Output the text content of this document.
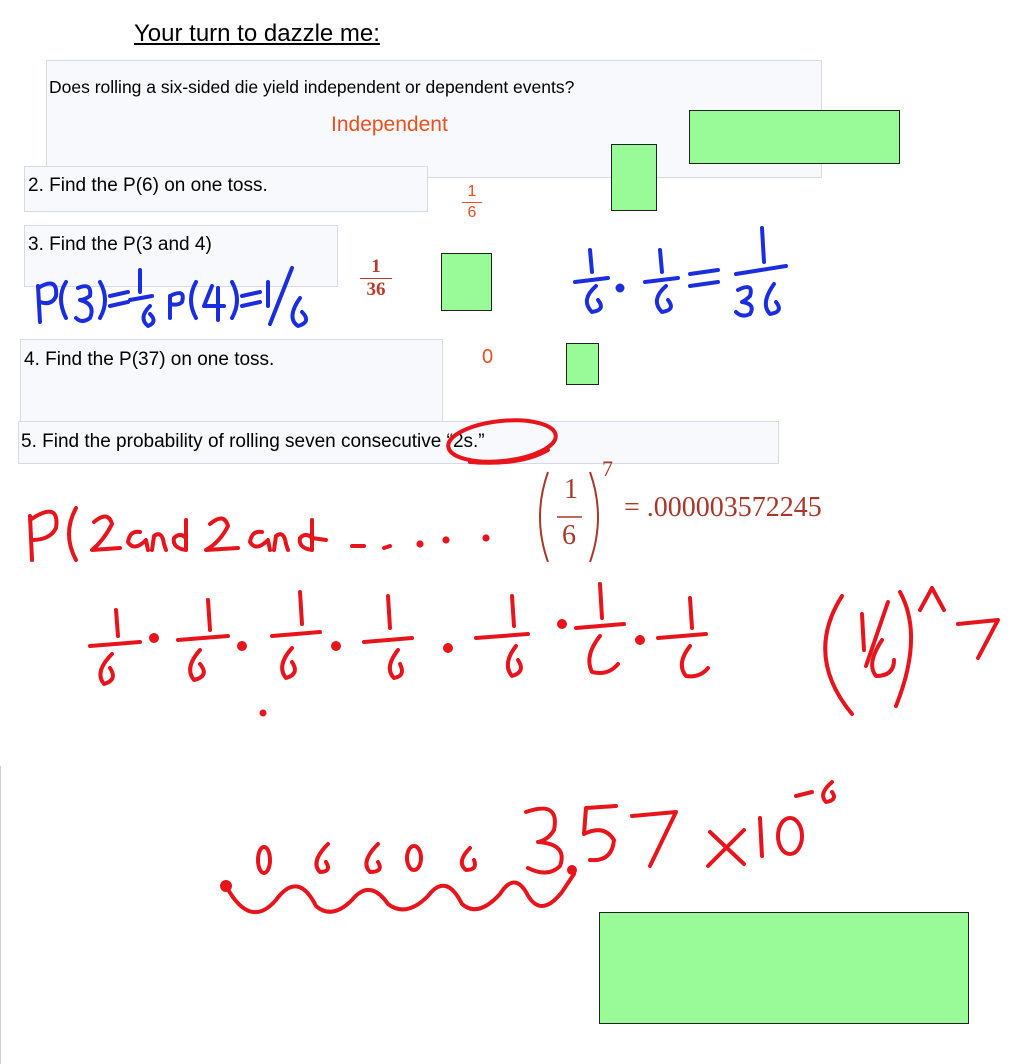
Your turn to dazzle me:
Does rolling a six-sided die yield independent or dependent events?
Independent
2. Find the P(6) on one toss.	$\frac{1}{6}$
3. Find the P(3 and 4)
$\frac{1}{36}$
4. Find the P(37) on one toss.	0
5. Find the probability of rolling seven consecutive “2s.”
1
6
7
= .000003572245
